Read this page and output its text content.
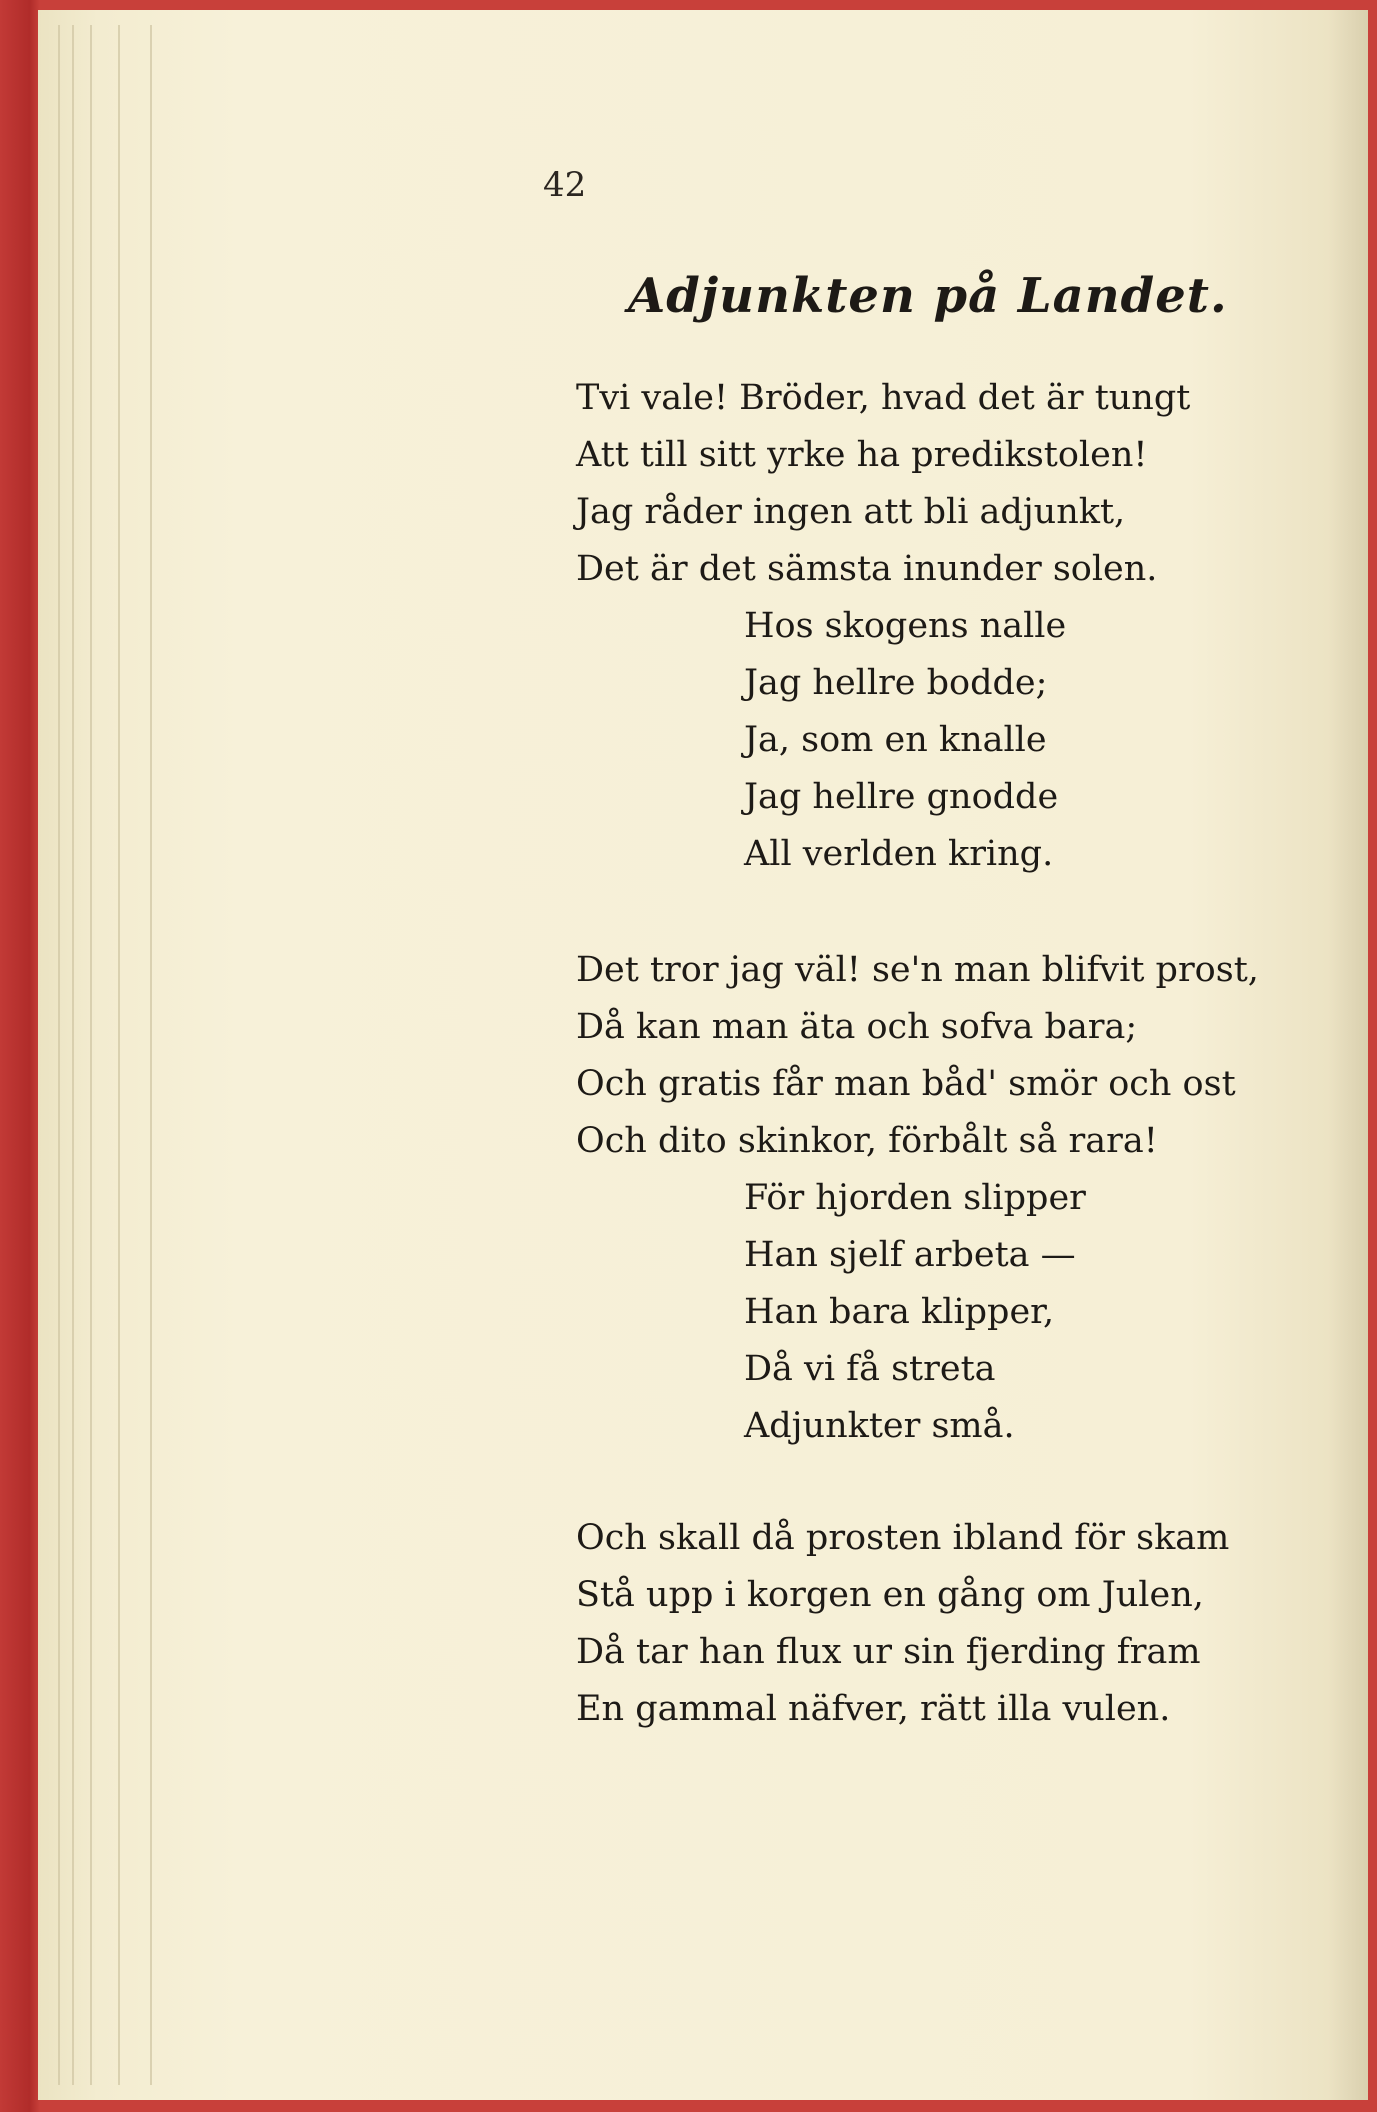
42
Adjunkten på Landet.
Tvi vale! Bröder, hvad det är tungt
Att till sitt yrke ha predikstolen!
Jag råder ingen att bli adjunkt,
Det är det sämsta inunder solen.
Hos skogens nalle
Jag hellre bodde;
Ja, som en knalle
Jag hellre gnodde
All verlden kring.
Det tror jag väl! se'n man blifvit prost,
Då kan man äta och sofva bara;
Och gratis får man båd' smör och ost
Och dito skinkor, förbålt så rara!
För hjorden slipper
Han sjelf arbeta —
Han bara klipper,
Då vi få streta
Adjunkter små.
Och skall då prosten ibland för skam
Stå upp i korgen en gång om Julen,
Då tar han flux ur sin fjerding fram
En gammal näfver, rätt illa vulen.
